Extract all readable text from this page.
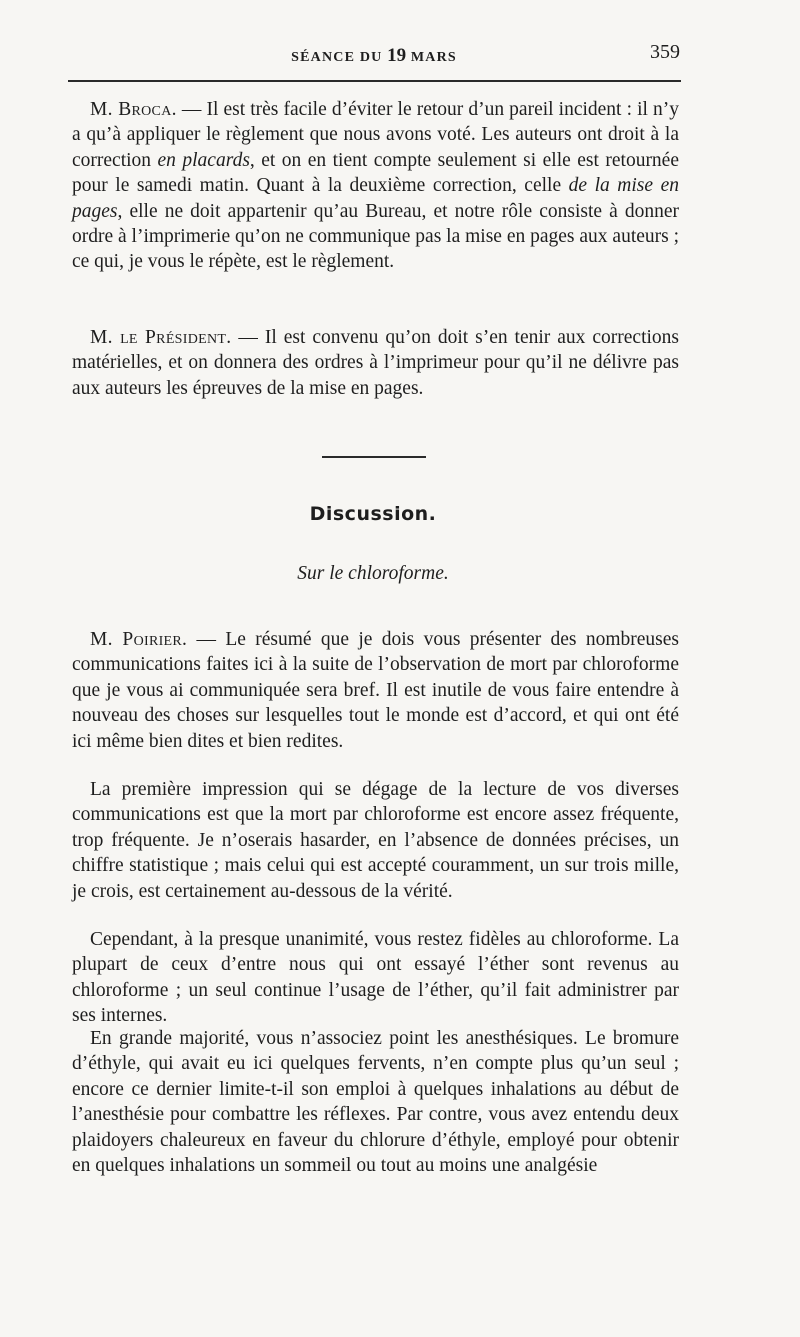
SÉANCE DU 19 MARS	359

M. Broca. — Il est très facile d’éviter le retour d’un pareil incident : il n’y a qu’à appliquer le règlement que nous avons voté. Les auteurs ont droit à la correction en placards, et on en tient compte seulement si elle est retournée pour le samedi matin. Quant à la deuxième correction, celle de la mise en pages, elle ne doit appartenir qu’au Bureau, et notre rôle consiste à donner ordre à l’imprimerie qu’on ne communique pas la mise en pages aux auteurs ; ce qui, je vous le répète, est le règlement.

M. le Président. — Il est convenu qu’on doit s’en tenir aux corrections matérielles, et on donnera des ordres à l’imprimeur pour qu’il ne délivre pas aux auteurs les épreuves de la mise en pages.

Discussion.
Sur le chloroforme.

M. Poirier. — Le résumé que je dois vous présenter des nombreuses communications faites ici à la suite de l’observation de mort par chloroforme que je vous ai communiquée sera bref. Il est inutile de vous faire entendre à nouveau des choses sur lesquelles tout le monde est d’accord, et qui ont été ici même bien dites et bien redites.

La première impression qui se dégage de la lecture de vos diverses communications est que la mort par chloroforme est encore assez fréquente, trop fréquente. Je n’oserais hasarder, en l’absence de données précises, un chiffre statistique ; mais celui qui est accepté couramment, un sur trois mille, je crois, est certainement au-dessous de la vérité.

Cependant, à la presque unanimité, vous restez fidèles au chloroforme. La plupart de ceux d’entre nous qui ont essayé l’éther sont revenus au chloroforme ; un seul continue l’usage de l’éther, qu’il fait administrer par ses internes.

En grande majorité, vous n’associez point les anesthésiques. Le bromure d’éthyle, qui avait eu ici quelques fervents, n’en compte plus qu’un seul ; encore ce dernier limite-t-il son emploi à quelques inhalations au début de l’anesthésie pour combattre les réflexes. Par contre, vous avez entendu deux plaidoyers chaleureux en faveur du chlorure d’éthyle, employé pour obtenir en quelques inhalations un sommeil ou tout au moins une analgésie
